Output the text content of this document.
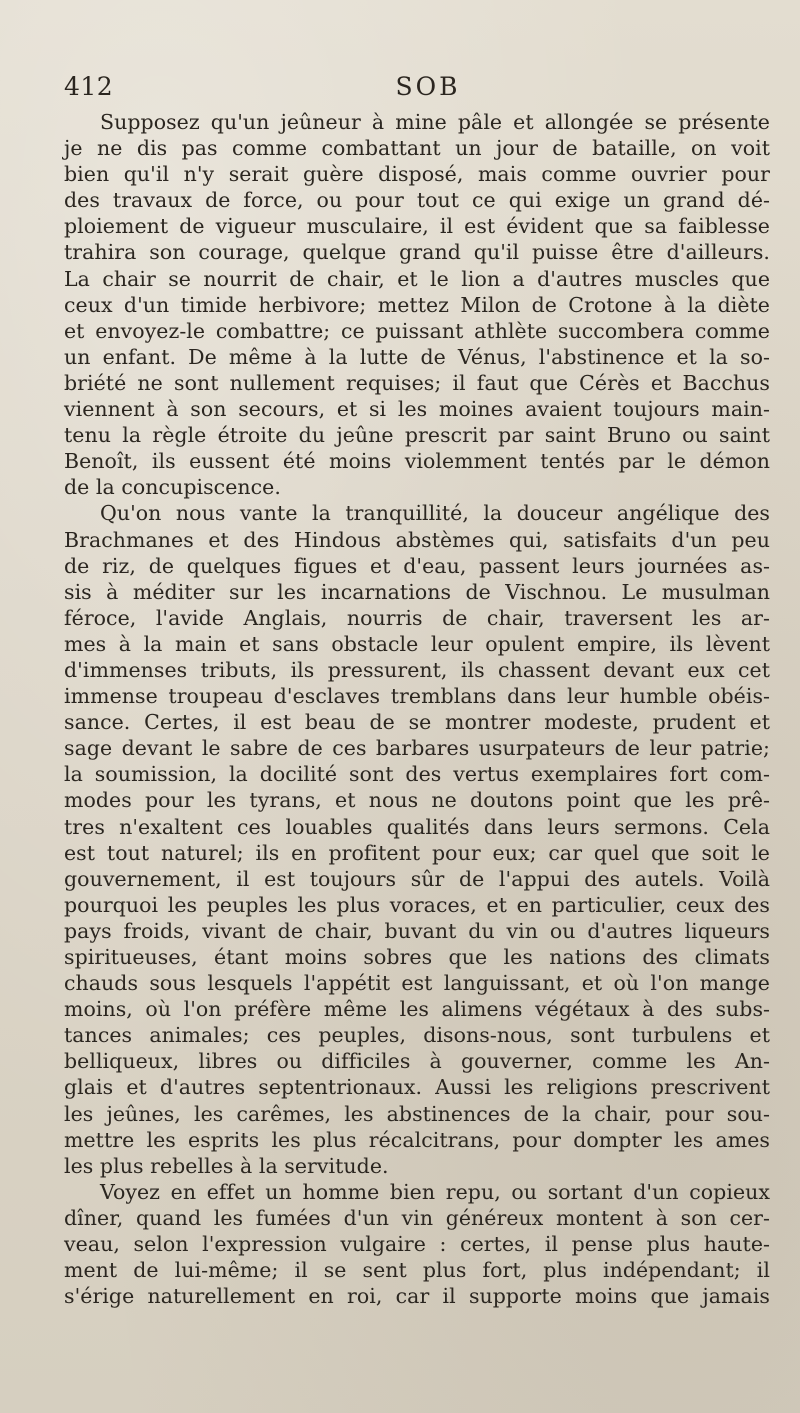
412	SOB
Supposez qu'un jeûneur à mine pâle et allongée se présente
je ne dis pas comme combattant un jour de bataille, on voit
bien qu'il n'y serait guère disposé, mais comme ouvrier pour
des travaux de force, ou pour tout ce qui exige un grand dé-
ploiement de vigueur musculaire, il est évident que sa faiblesse
trahira son courage, quelque grand qu'il puisse être d'ailleurs.
La chair se nourrit de chair, et le lion a d'autres muscles que
ceux d'un timide herbivore; mettez Milon de Crotone à la diète
et envoyez-le combattre; ce puissant athlète succombera comme
un enfant. De même à la lutte de Vénus, l'abstinence et la so-
briété ne sont nullement requises; il faut que Cérès et Bacchus
viennent à son secours, et si les moines avaient toujours main-
tenu la règle étroite du jeûne prescrit par saint Bruno ou saint
Benoît, ils eussent été moins violemment tentés par le démon
de la concupiscence.
Qu'on nous vante la tranquillité, la douceur angélique des
Brachmanes et des Hindous abstèmes qui, satisfaits d'un peu
de riz, de quelques figues et d'eau, passent leurs journées as-
sis à méditer sur les incarnations de Vischnou. Le musulman
féroce, l'avide Anglais, nourris de chair, traversent les ar-
mes à la main et sans obstacle leur opulent empire, ils lèvent
d'immenses tributs, ils pressurent, ils chassent devant eux cet
immense troupeau d'esclaves tremblans dans leur humble obéis-
sance. Certes, il est beau de se montrer modeste, prudent et
sage devant le sabre de ces barbares usurpateurs de leur patrie;
la soumission, la docilité sont des vertus exemplaires fort com-
modes pour les tyrans, et nous ne doutons point que les prê-
tres n'exaltent ces louables qualités dans leurs sermons. Cela
est tout naturel; ils en profitent pour eux; car quel que soit le
gouvernement, il est toujours sûr de l'appui des autels. Voilà
pourquoi les peuples les plus voraces, et en particulier, ceux des
pays froids, vivant de chair, buvant du vin ou d'autres liqueurs
spiritueuses, étant moins sobres que les nations des climats
chauds sous lesquels l'appétit est languissant, et où l'on mange
moins, où l'on préfère même les alimens végétaux à des subs-
tances animales; ces peuples, disons-nous, sont turbulens et
belliqueux, libres ou difficiles à gouverner, comme les An-
glais et d'autres septentrionaux. Aussi les religions prescrivent
les jeûnes, les carêmes, les abstinences de la chair, pour sou-
mettre les esprits les plus récalcitrans, pour dompter les ames
les plus rebelles à la servitude.
Voyez en effet un homme bien repu, ou sortant d'un copieux
dîner, quand les fumées d'un vin généreux montent à son cer-
veau, selon l'expression vulgaire : certes, il pense plus haute-
ment de lui-même; il se sent plus fort, plus indépendant; il
s'érige naturellement en roi, car il supporte moins que jamais
